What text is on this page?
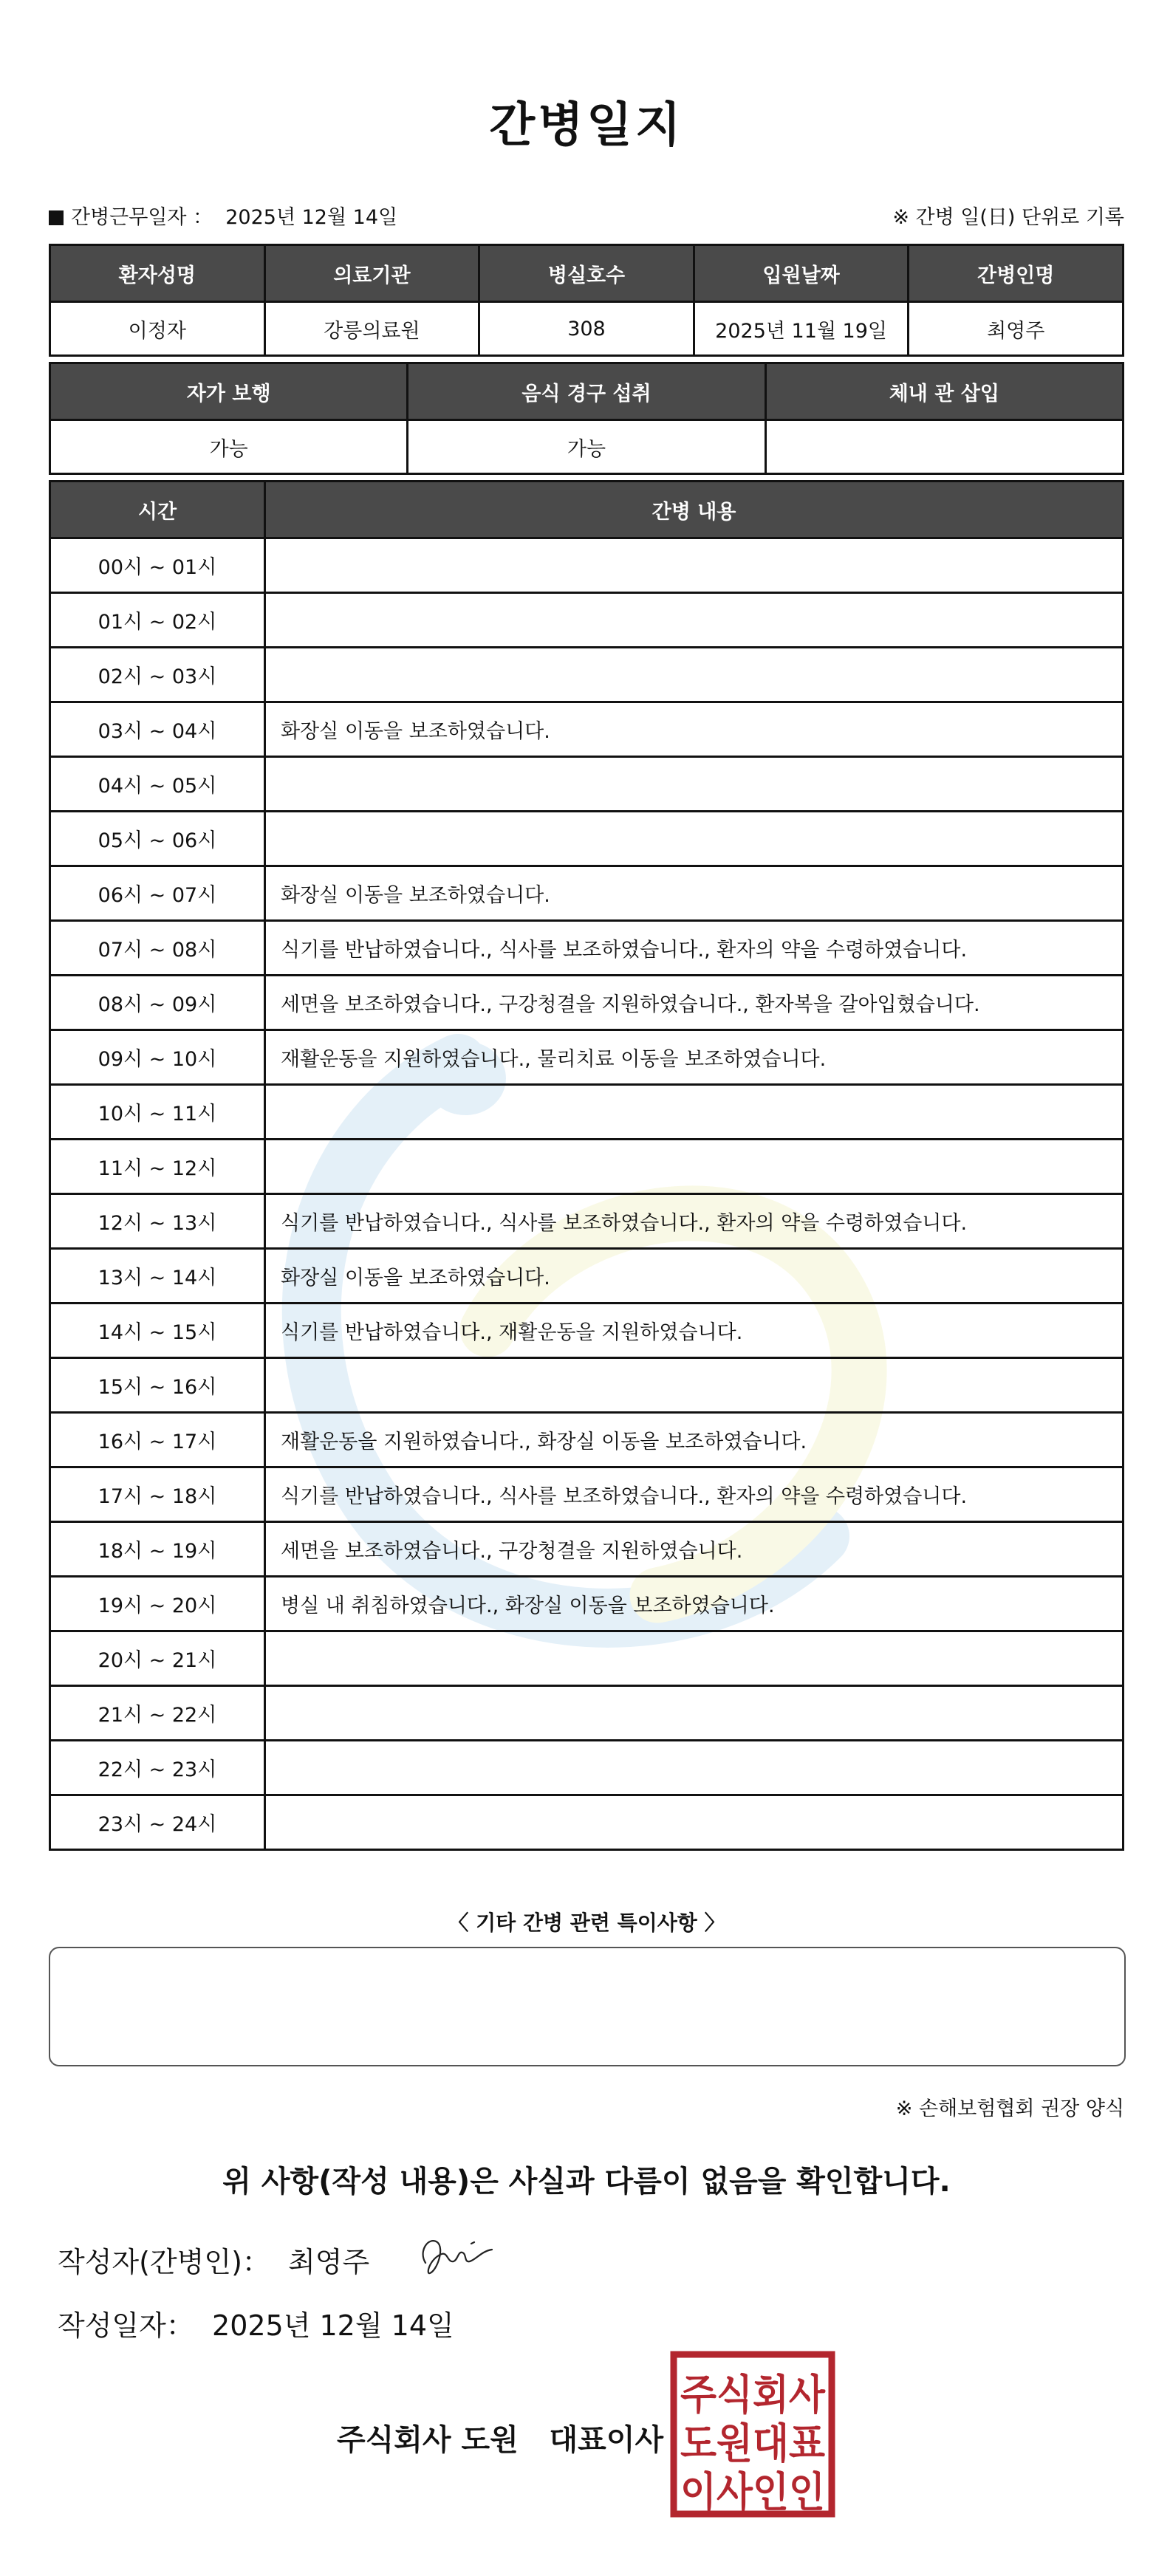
간병일지
간병근무일자 ： 2025년 12월 14일	※ 간병 일(日) 단위로 기록
환자성명	의료기관	병실호수	입원날짜	간병인명
이정자	강릉의료원	308	2025년 11월 19일	최영주
자가 보행	음식 경구 섭취	체내 관 삽입
가능	가능	
시간	간병 내용
00시 ~ 01시	
01시 ~ 02시	
02시 ~ 03시	
03시 ~ 04시	화장실 이동을 보조하였습니다.
04시 ~ 05시	
05시 ~ 06시	
06시 ~ 07시	화장실 이동을 보조하였습니다.
07시 ~ 08시	식기를 반납하였습니다., 식사를 보조하였습니다., 환자의 약을 수령하였습니다.
08시 ~ 09시	세면을 보조하였습니다., 구강청결을 지원하였습니다., 환자복을 갈아입혔습니다.
09시 ~ 10시	재활운동을 지원하였습니다., 물리치료 이동을 보조하였습니다.
10시 ~ 11시	
11시 ~ 12시	
12시 ~ 13시	식기를 반납하였습니다., 식사를 보조하였습니다., 환자의 약을 수령하였습니다.
13시 ~ 14시	화장실 이동을 보조하였습니다.
14시 ~ 15시	식기를 반납하였습니다., 재활운동을 지원하였습니다.
15시 ~ 16시	
16시 ~ 17시	재활운동을 지원하였습니다., 화장실 이동을 보조하였습니다.
17시 ~ 18시	식기를 반납하였습니다., 식사를 보조하였습니다., 환자의 약을 수령하였습니다.
18시 ~ 19시	세면을 보조하였습니다., 구강청결을 지원하였습니다.
19시 ~ 20시	병실 내 취침하였습니다., 화장실 이동을 보조하였습니다.
20시 ~ 21시	
21시 ~ 22시	
22시 ~ 23시	
23시 ~ 24시	
〈 기타 간병 관련 특이사항 〉
※ 손해보험협회 권장 양식
위 사항(작성 내용)은 사실과 다름이 없음을 확인합니다.
작성자(간병인)： 최영주
작성일자： 2025년 12월 14일
주식회사 도원   대표이사
주식회사
도원대표
이사인인
